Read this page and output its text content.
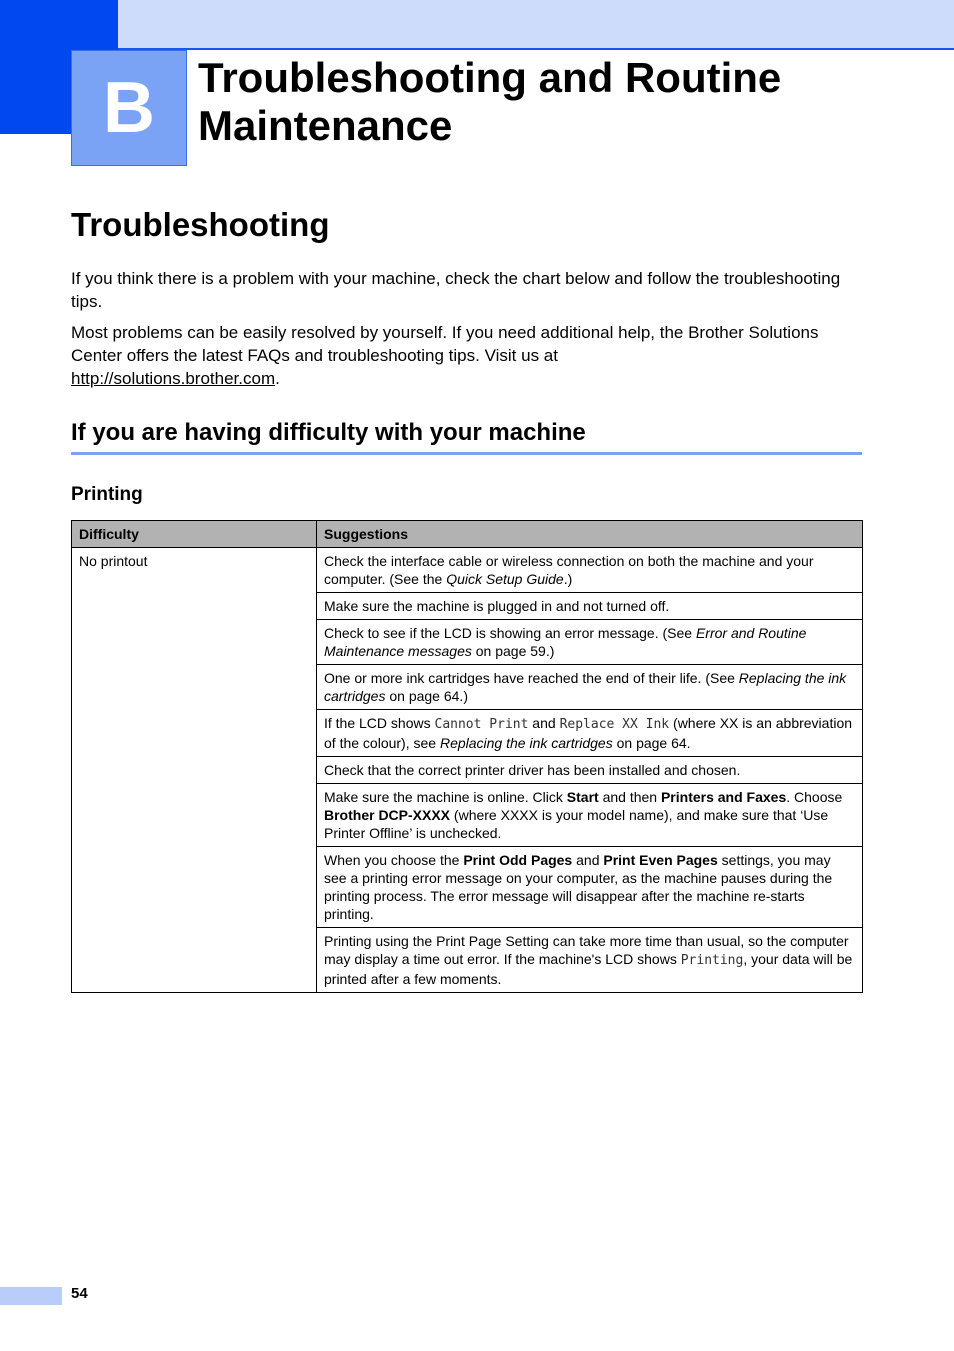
B Troubleshooting and Routine Maintenance
Troubleshooting

If you think there is a problem with your machine, check the chart below and follow the troubleshooting tips.

Most problems can be easily resolved by yourself. If you need additional help, the Brother Solutions Center offers the latest FAQs and troubleshooting tips. Visit us at
http://solutions.brother.com.

If you are having difficulty with your machine
Printing
Difficulty	Suggestions
No printout	Check the interface cable or wireless connection on both the machine and your computer. (See the Quick Setup Guide.)
	Make sure the machine is plugged in and not turned off.
	Check to see if the LCD is showing an error message. (See Error and Routine Maintenance messages on page 59.)
	One or more ink cartridges have reached the end of their life. (See Replacing the ink cartridges on page 64.)
	If the LCD shows Cannot Print and Replace XX Ink (where XX is an abbreviation of the colour), see Replacing the ink cartridges on page 64.
	Check that the correct printer driver has been installed and chosen.
	Make sure the machine is online. Click Start and then Printers and Faxes. Choose Brother DCP-XXXX (where XXXX is your model name), and make sure that ‘Use Printer Offline’ is unchecked.
	When you choose the Print Odd Pages and Print Even Pages settings, you may see a printing error message on your computer, as the machine pauses during the printing process. The error message will disappear after the machine re-starts printing.
	Printing using the Print Page Setting can take more time than usual, so the computer may display a time out error. If the machine's LCD shows Printing, your data will be printed after a few moments.
54
